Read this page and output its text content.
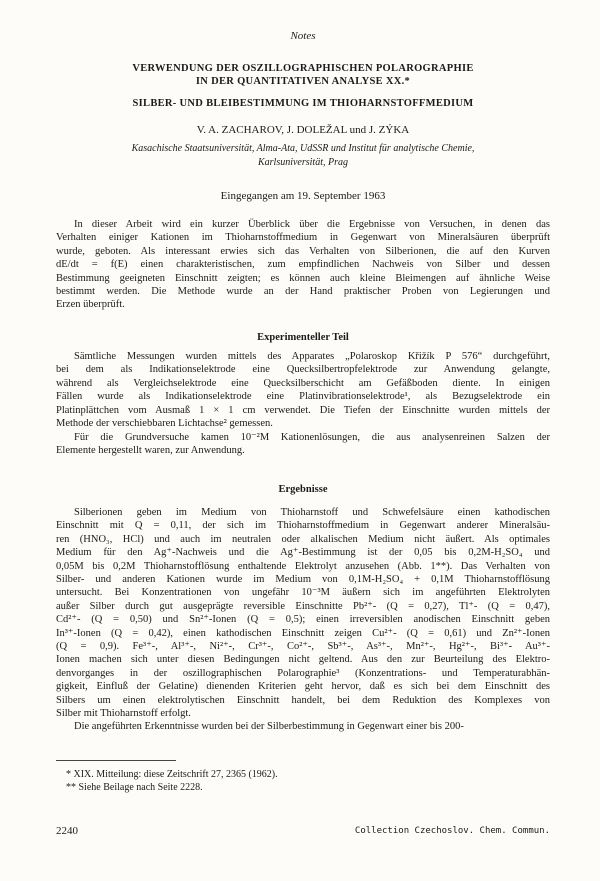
Notes
VERWENDUNG DER OSZILLOGRAPHISCHEN POLAROGRAPHIE
IN DER QUANTITATIVEN ANALYSE XX.*
SILBER- UND BLEIBESTIMMUNG IM THIOHARNSTOFFMEDIUM
V. A. ZACHAROV, J. DOLEŽAL und J. ZÝKA
Kasachische Staatsuniversität, Alma-Ata, UdSSR und Institut für analytische Chemie,
Karlsuniversität, Prag
Eingegangen am 19. September 1963
In dieser Arbeit wird ein kurzer Überblick über die Ergebnisse von Versuchen, in denen das
Verhalten einiger Kationen im Thioharnstoffmedium in Gegenwart von Mineralsäuren überprüft
wurde, geboten. Als interessant erwies sich das Verhalten von Silberionen, die auf den Kurven
dE/dt = f(E) einen charakteristischen, zum empfindlichen Nachweis von Silber und dessen
Bestimmung geeigneten Einschnitt zeigten; es können auch kleine Bleimengen auf ähnliche Weise
bestimmt werden. Die Methode wurde an der Hand praktischer Proben von Legierungen und
Erzen überprüft.
Experimenteller Teil
Sämtliche Messungen wurden mittels des Apparates „Polaroskop Křižík P 576“ durchgeführt,
bei dem als Indikationselektrode eine Quecksilbertropfelektrode zur Anwendung gelangte,
während als Vergleichselektrode eine Quecksilberschicht am Gefäßboden diente. In einigen
Fällen wurde als Indikationselektrode eine Platinvibrationselektrode¹, als Bezugselektrode ein
Platinplättchen vom Ausmaß 1 × 1 cm verwendet. Die Tiefen der Einschnitte wurden mittels der
Methode der verschiebbaren Lichtachse² gemessen.
Für die Grundversuche kamen 10⁻²M Kationenlösungen, die aus analysenreinen Salzen der
Elemente hergestellt waren, zur Anwendung.
Ergebnisse
Silberionen geben im Medium von Thioharnstoff und Schwefelsäure einen kathodischen
Einschnitt mit Q = 0,11, der sich im Thioharnstoffmedium in Gegenwart anderer Mineralsäu-
ren (HNO₃, HCl) und auch im neutralen oder alkalischen Medium nicht äußert. Als optimales
Medium für den Ag⁺-Nachweis und die Ag⁺-Bestimmung ist der 0,05 bis 0,2M-H₂SO₄ und
0,05M bis 0,2M Thioharnstofflösung enthaltende Elektrolyt anzusehen (Abb. 1**). Das Verhalten von
Silber- und anderen Kationen wurde im Medium von 0,1M-H₂SO₄ + 0,1M Thioharnstofflösung
untersucht. Bei Konzentrationen von ungefähr 10⁻³M äußern sich im angeführten Elektrolyten
außer Silber durch gut ausgeprägte reversible Einschnitte Pb²⁺- (Q = 0,27), Tl⁺- (Q = 0,47),
Cd²⁺- (Q = 0,50) und Sn²⁺-Ionen (Q = 0,5); einen irreversiblen anodischen Einschnitt geben
In³⁺-Ionen (Q = 0,42), einen kathodischen Einschnitt zeigen Cu²⁺- (Q = 0,61) und Zn²⁺-Ionen
(Q = 0,9). Fe³⁺-, Al³⁺-, Ni²⁺-, Cr³⁺-, Co²⁺-, Sb³⁺-, As³⁺-, Mn²⁺-, Hg²⁺-, Bi³⁺- Au³⁺-
Ionen machen sich unter diesen Bedingungen nicht geltend. Aus den zur Beurteilung des Elektro-
denvorganges in der oszillographischen Polarographie³ (Konzentrations- und Temperaturabhän-
gigkeit, Einfluß der Gelatine) dienenden Kriterien geht hervor, daß es sich bei dem Einschnitt des
Silbers um einen elektrolytischen Einschnitt handelt, bei dem Reduktion des Komplexes von
Silber mit Thioharnstoff erfolgt.
Die angeführten Erkenntnisse wurden bei der Silberbestimmung in Gegenwart einer bis 200-
* XIX. Mitteilung: diese Zeitschrift 27, 2365 (1962).
** Siehe Beilage nach Seite 2228.
2240	Collection Czechoslov. Chem. Commun.
